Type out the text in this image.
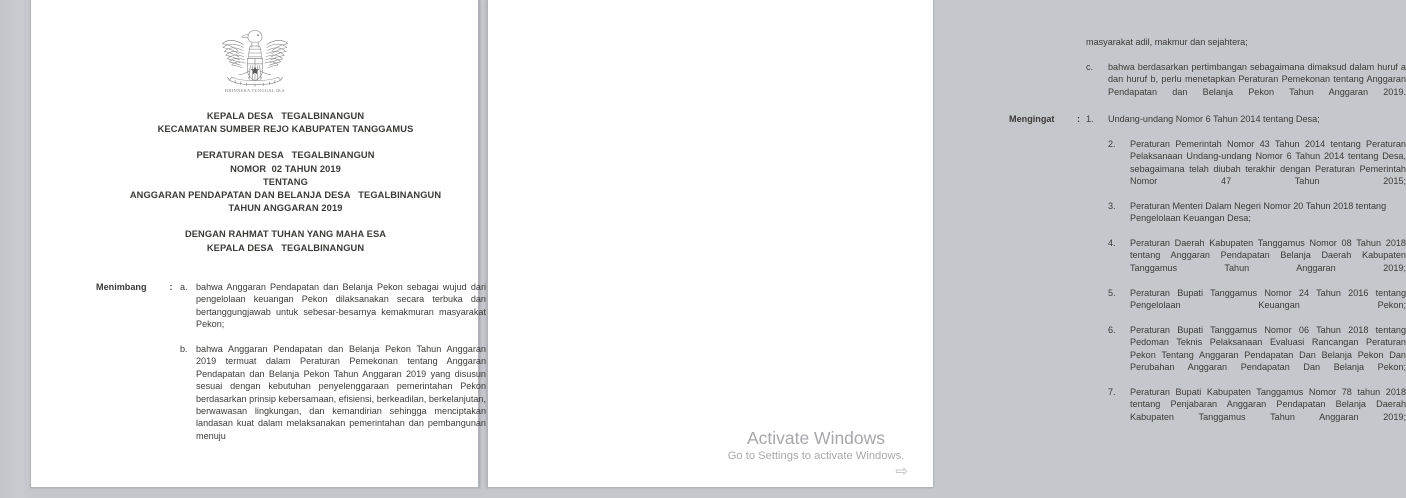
BHINNEKA TUNGGAL IKA
KEPALA DESA   TEGALBINANGUN
KECAMATAN SUMBER REJO KABUPATEN TANGGAMUS
PERATURAN DESA   TEGALBINANGUN
NOMOR  02 TAHUN 2019
TENTANG
ANGGARAN PENDAPATAN DAN BELANJA DESA   TEGALBINANGUN
TAHUN ANGGARAN 2019
DENGAN RAHMAT TUHAN YANG MAHA ESA
KEPALA DESA   TEGALBINANGUN
Menimbang	: a. bahwa Anggaran Pendapatan dan Belanja Pekon sebagai wujud dari pengelolaan keuangan Pekon dilaksanakan secara terbuka dan bertanggungjawab untuk sebesar-besarnya kemakmuran masyarakat Pekon;
b. bahwa Anggaran Pendapatan dan Belanja Pekon Tahun Anggaran 2019 termuat dalam Peraturan Pemekonan tentang Anggaran Pendapatan dan Belanja Pekon Tahun Anggaran 2019 yang disusun sesuai dengan kebutuhan penyelenggaraan pemerintahan Pekon berdasarkan prinsip kebersamaan, efisiensi, berkeadilan, berkelanjutan, berwawasan lingkungan, dan kemandirian sehingga menciptakan landasan kuat dalam melaksanakan pemerintahan dan pembangunan menuju
masyarakat adil, makmur dan sejahtera;
c.	bahwa berdasarkan pertimbangan sebagaimana dimaksud dalam huruf a dan huruf b, perlu menetapkan Peraturan Pemekonan tentang Anggaran Pendapatan dan Belanja Pekon Tahun Anggaran 2019.
Mengingat	: 1.	Undang-undang Nomor 6 Tahun 2014 tentang Desa;
2.	Peraturan Pemerintah Nomor 43 Tahun 2014 tentang Peraturan Pelaksanaan Undang-undang Nomor 6 Tahun 2014 tentang Desa, sebagaimana telah diubah terakhir dengan Peraturan Pemerintah Nomor 47 Tahun 2015;
3.	Peraturan Menteri Dalam Negeri Nomor 20 Tahun 2018 tentang Pengelolaan Keuangan Desa;
4.	Peraturan Daerah Kabupaten Tanggamus Nomor 08 Tahun 2018 tentang Anggaran Pendapatan Belanja Daerah Kabupaten Tanggamus Tahun Anggaran 2019;
5.	Peraturan Bupati Tanggamus Nomor 24 Tahun 2016 tentang Pengelolaan Keuangan Pekon;
6.	Peraturan Bupati Tanggamus Nomor 06 Tahun 2018 tentang Pedoman Teknis Pelaksanaan Evaluasi Rancangan Peraturan Pekon Tentang Anggaran Pendapatan Dan Belanja Pekon Dan Perubahan Anggaran Pendapatan Dan Belanja Pekon;
7.	Peraturan Bupati Kabupaten Tanggamus Nomor 78 tahun 2018 tentang Penjabaran Anggaran Pendapatan Belanja Daerah Kabupaten Tanggamus Tahun Anggaran 2019;
Activate Windows
Go to Settings to activate Windows.
⇨
